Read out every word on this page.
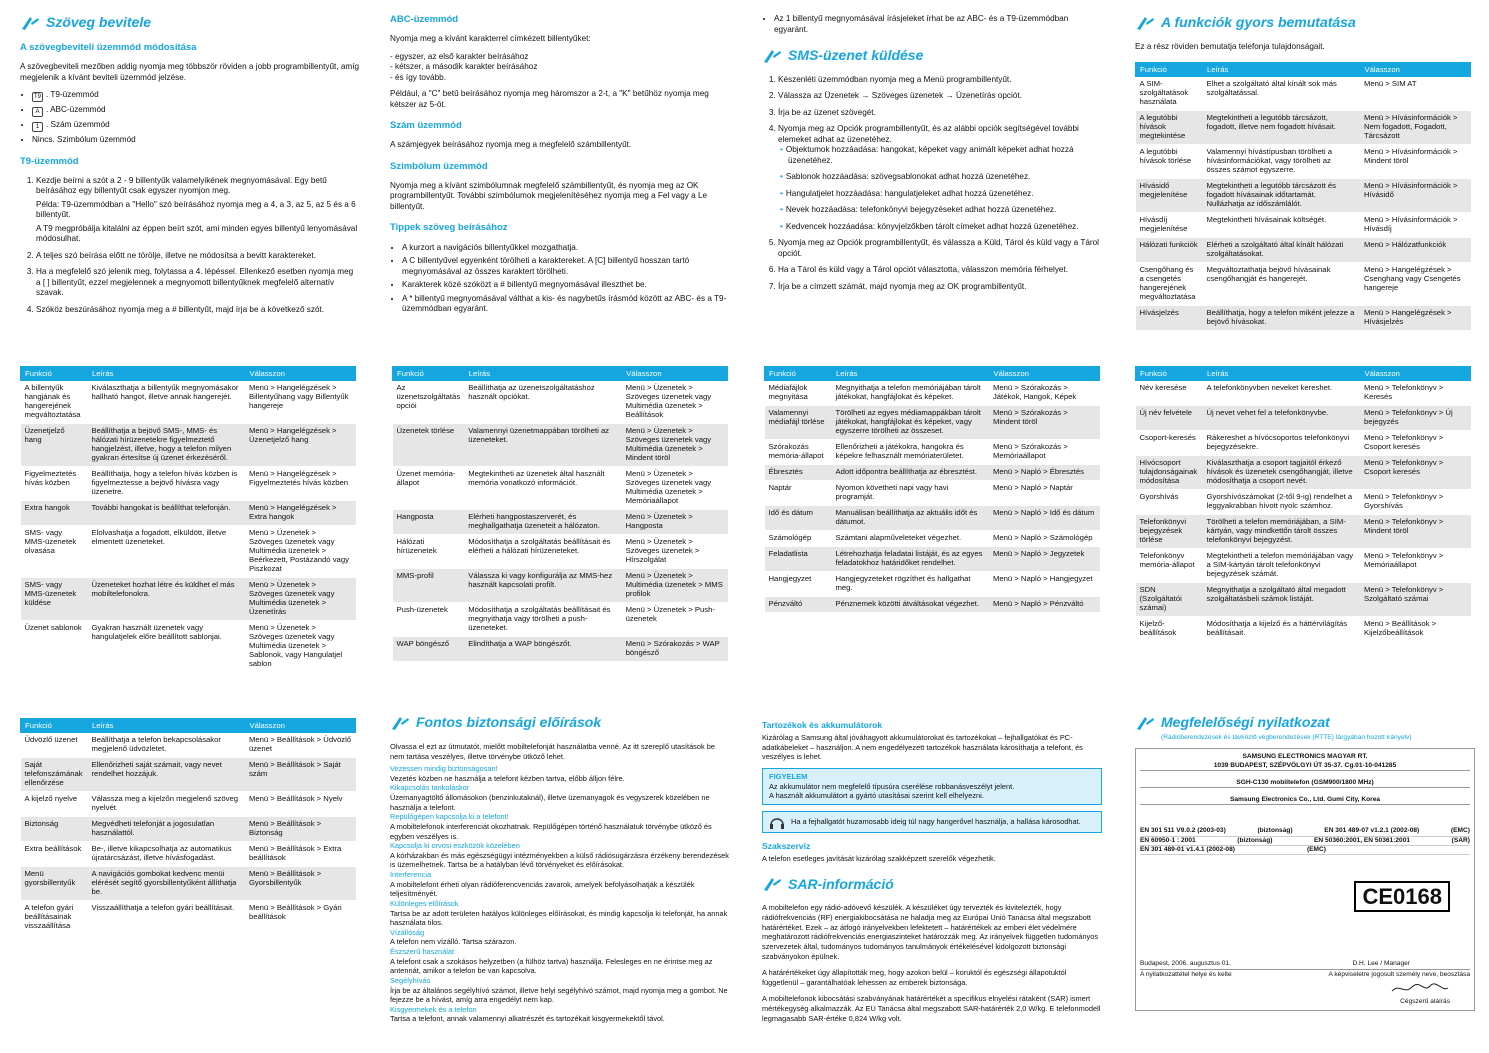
Szöveg bevitele
A szövegbeviteli üzemmód módosítása

A szövegbeviteli mezőben addig nyomja meg többször röviden a jobb programbillentyűt, amíg megjelenik a kívánt beviteli üzemmód jelzése.

• T9 . T9-üzemmód
• A . ABC-üzemmód
• 1 . Szám üzemmód
• Nincs. Szimbólum üzemmód
T9-üzemmód
1. Kezdje beírni a szót a 2 - 9 billentyűk valamelyikének megnyomásával. Egy betű beírásához egy billentyűt csak egyszer nyomjon meg.

Példa: T9-üzemmódban a "Hello" szó beírásához nyomja meg a 4, a 3, az 5, az 5 és a 6 billentyűt.

A T9 megpróbálja kitalálni az éppen beírt szót, ami minden egyes billentyű lenyomásával módosulhat.

2. A teljes szó beírása előtt ne törölje, illetve ne módosítsa a bevitt karaktereket.
3. Ha a megfelelő szó jelenik meg, folytassa a 4. lépéssel. Ellenkező esetben nyomja meg a [ ] billentyűt, ezzel megjelennek a megnyomott billentyűknek megfelelő alternatív szavak.
4. Szóköz beszúrásához nyomja meg a # billentyűt, majd írja be a következő szót.
Funkció	Leírás	Válasszon
A billentyűk hangjának és hangerejének megváltoztatása	Kiválaszthatja a billentyűk megnyomásakor hallható hangot, illetve annak hangerejét.	Menü > Hangelégzések > Billentyűhang vagy Billentyűk hangereje
Üzenetjelző hang	Beállíthatja a bejövő SMS-, MMS- és hálózati hírüzenetekre figyelmeztető hangjelzést, illetve, hogy a telefon milyen gyakran értesítse új üzenet érkezéséről.	Menü > Hangelégzések > Üzenetjelző hang
Figyelmeztetés hívás közben	Beállíthatja, hogy a telefon hívás közben is figyelmeztesse a bejövő hívásra vagy üzenetre.	Menü > Hangelégzések > Figyelmeztetés hívás közben
Extra hangok	További hangokat is beállíthat telefonján.	Menü > Hangelégzések > Extra hangok
SMS- vagy MMS-üzenetek olvasása	Elolvashatja a fogadott, elküldött, illetve elmentett üzeneteket.	Menü > Üzenetek > Szöveges üzenetek vagy Multimédia üzenetek > Beérkezett, Postázandó vagy Piszkozat
SMS- vagy MMS-üzenetek küldése	Üzeneteket hozhat létre és küldhet el más mobiltelefonokra.	Menü > Üzenetek > Szöveges üzenetek vagy Multimédia üzenetek > Üzenetírás
Üzenet sablonok	Gyakran használt üzenetek vagy hangulatjelek előre beállított sablonjai.	Menü > Üzenetek > Szöveges üzenetek vagy Multimédia üzenetek > Sablonok, vagy Hangulatjel sablon
Funkció	Leírás	Válasszon
Üdvözlő üzenet	Beállíthatja a telefon bekapcsolásakor megjelenő üdvözletet.	Menü > Beállítások > Üdvözlő üzenet
Saját telefonszámának ellenőrzése	Ellenőrizheti saját számait, vagy nevet rendelhet hozzájuk.	Menü > Beállítások > Saját szám
A kijelző nyelve	Válassza meg a kijelzőn megjelenő szöveg nyelvét.	Menü > Beállítások > Nyelv
Biztonság	Megvédheti telefonját a jogosulatlan használattól.	Menü > Beállítások > Biztonság
Extra beállítások	Be-, illetve kikapcsolhatja az automatikus újratárcsázást, illetve hívásfogadást.	Menü > Beállítások > Extra beállítások
Menü gyorsbillentyűk	A navigációs gombokat kedvenc menüi elérését segítő gyorsbillentyűként állíthatja be.	Menü > Beállítások > Gyorsbillentyűk
A telefon gyári beállításainak visszaállítása	Visszaállíthatja a telefon gyári beállításait.	Menü > Beállítások > Gyári beállítások
ABC-üzemmód

Nyomja meg a kívánt karakterrel címkézett billentyűket:

- egyszer, az első karakter beírásához
- kétszer, a második karakter beírásához
- és így tovább.

Például, a "C" betű beírásához nyomja meg háromszor a 2-t, a "K" betűhöz nyomja meg kétszer az 5-öt.

Szám üzemmód

A számjegyek beírásához nyomja meg a megfelelő számbillentyűt.

Szimbólum üzemmód

Nyomja meg a kívánt szimbólumnak megfelelő számbillentyűt, és nyomja meg az OK programbillentyűt. További szimbólumok megjelenítéséhez nyomja meg a Fel vagy a Le billentyűt.

Tippek szöveg beírásához
• A kurzort a navigációs billentyűkkel mozgathatja.
• A C billentyűvel egyenként törölheti a karaktereket. A [C] billentyű hosszan tartó megnyomásával az összes karaktert törölheti.
• Karakterek közé szóközt a # billentyű megnyomásával illeszthet be.
• A * billentyű megnyomásával válthat a kis- és nagybetűs írásmód között az ABC- és a T9-üzemmódban egyaránt.
Funkció	Leírás	Válasszon
Az üzenetszolgáltatás opciói	Beállíthatja az üzenetszolgáltatáshoz használt opciókat.	Menü > Üzenetek > Szöveges üzenetek vagy Multimédia üzenetek > Beállítások
Üzenetek törlése	Valamennyi üzenetmappában törölheti az üzeneteket.	Menü > Üzenetek > Szöveges üzenetek vagy Multimédia üzenetek > Mindent töröl
Üzenet memória-állapot	Megtekintheti az üzenetek által használt memória vonatkozó információt.	Menü > Üzenetek > Szöveges üzenetek vagy Multimédia üzenetek > Memóriaállapot
Hangposta	Elérheti hangpostaszerverét, és meghallgathatja üzeneteit a hálózaton.	Menü > Üzenetek > Hangposta
Hálózati hírüzenetek	Módosíthatja a szolgáltatás beállításait és elérheti a hálózati hírüzeneteket.	Menü > Üzenetek > Szöveges üzenetek > Hírszolgálat
MMS-profil	Válassza ki vagy konfigurálja az MMS-hez használt kapcsolati profilt.	Menü > Üzenetek > Multimédia üzenetek > MMS profilok
Push-üzenetek	Módosíthatja a szolgáltatás beállításait és megnyithatja vagy törölheti a push-üzeneteket.	Menü > Üzenetek > Push-üzenetek
WAP böngésző	Elindíthatja a WAP böngészőt.	Menü > Szórakozás > WAP böngésző
Fontos biztonsági előírások
Olvassa el ezt az útmutatót, mielőtt mobiltelefonját használatba venné. Az itt szereplő utasítások be nem tartása veszélyes, illetve törvénybe ütköző lehet.
Vezessen mindig biztonságosan!
Vezetés közben ne használja a telefont kézben tartva, előbb álljon félre.
Kikapcsolás tankoláskor
Üzemanyagtöltő állomásokon (benzinkutaknál), illetve üzemanyagok és vegyszerek közelében ne használja a telefont.
Repülőgépen kapcsolja ki a telefont!
A mobiltelefonok interferenciát okozhatnak. Repülőgépen történő használatuk törvénybe ütköző és egyben veszélyes is.
Kapcsolja ki orvosi eszközök közelében
A kórházakban és más egészségügyi intézményekben a külső rádiósugárzásra érzékeny berendezések is üzemelhetnek. Tartsa be a hatályban lévő törvényeket és előírásokat.
Interferencia
A mobiltelefont érheti olyan rádióferencvenciás zavarok, amelyek befolyásolhatják a készülék teljesítményét.
Különleges előírások
Tartsa be az adott területen hatályos különleges előírásokat, és mindig kapcsolja ki telefonját, ha annak használata tilos.
Vízállóság
A telefon nem vízálló. Tartsa szárazon.
Észszerű használat
A telefont csak a szokásos helyzetben (a fülhöz tartva) használja. Felesleges en ne érintse meg az antennát, amikor a telefon be van kapcsolva.
Segélyhívás
Írja be az általános segélyhívó számot, illetve helyi segélyhívó számot, majd nyomja meg a gombot. Ne fejezze be a hívást, amíg arra engedélyt nem kap.
Kisgyermekek és a telefon
Tartsa a telefont, annak valamennyi alkatrészét és tartozékait kisgyermekektől távol.
• Az 1 billentyű megnyomásával írásjeleket írhat be az ABC- és a T9-üzemmódban egyaránt.
SMS-üzenet küldése
1. Készenléti üzemmódban nyomja meg a Menü programbillentyűt.
2. Válassza az Üzenetek → Szöveges üzenetek → Üzenetírás opciót.
3. Írja be az üzenet szövegét.
4. Nyomja meg az Opciók programbillentyűt, és az alábbi opciók segítségével további elemeket adhat az üzenetéhez.
• Objektumok hozzáadása: hangokat, képeket vagy animált képeket adhat hozzá üzenetéhez.
• Sablonok hozzáadása: szövegsablonokat adhat hozzá üzenetéhez.
• Hangulatjelet hozzáadása: hangulatjeleket adhat hozzá üzenetéhez.
• Nevek hozzáadása: telefonkönyvi bejegyzéseket adhat hozzá üzenetéhez.
• Kedvencek hozzáadása: könyvjelzőkben tárolt címeket adhat hozzá üzenetéhez.
5. Nyomja meg az Opciók programbillentyűt, és válassza a Küld, Tárol és küld vagy a Tárol opciót.
6. Ha a Tárol és küld vagy a Tárol opciót választotta, válasszon memória férhelyet.
7. Írja be a címzett számát, majd nyomja meg az OK programbillentyűt.
Funkció	Leírás	Válasszon
Médiafájlok megnyitása	Megnyithatja a telefon memóriájában tárolt játékokat, hangfájlokat és képeket.	Menü > Szórakozás > Játékok, Hangok, Képek
Valamennyi médiafájl törlése	Törölheti az egyes médiamappákban tárolt játékokat, hangfájlokat és képeket, vagy egyszerre törölheti az összeset.	Menü > Szórakozás > Mindent töröl
Szórakozás memória-állapot	Ellenőrizheti a játékokra, hangokra és képekre felhasznált memóriaterületet.	Menü > Szórakozás > Memóriaállapot
Ébresztés	Adott időpontra beállíthatja az ébresztést.	Menü > Napló > Ébresztés
Naptár	Nyomon követheti napi vagy havi programját.	Menü > Napló > Naptár
Idő és dátum	Manuálisan beállíthatja az aktuális időt és dátumot.	Menü > Napló > Idő és dátum
Számológép	Számtani alapműveleteket végezhet.	Menü > Napló > Számológép
Feladatlista	Létrehozhatja feladatai listáját, és az egyes feladatokhoz határidőket rendelhet.	Menü > Napló > Jegyzetek
Hangjegyzet	Hangjegyzeteket rögzíthet és hallgathat meg.	Menü > Napló > Hangjegyzet
Pénzváltó	Pénznemek közötti átváltásokat végezhet.	Menü > Napló > Pénzváltó
Tartozékok és akkumulátorok
Kizárólag a Samsung által jóváhagyott akkumulátorokat és tartozékokat – fejhallgatókat és PC-adatkábeleket – használjon. A nem engedélyezett tartozékok használata károsíthatja a telefont, és veszélyes is lehet.
FIGYELEM
Az akkumulátor nem megfelelő típusúra cserélése robbanásveszélyt jelent.
A használt akkumulátort a gyártó utasításai szerint kell elhelyezni.
Ha a fejhallgatót huzamosabb ideig túl nagy hangerővel használja, a hallása károsodhat.
Szakszerviz
A telefon esetleges javítását kizárólag szakképzett szerelők végezhetik.
SAR-információ

A mobiltelefon egy rádió-adóvevő készülék. A készüléket úgy tervezték és kivitelezték, hogy rádiófrekvenciás (RF) energiakibocsátása ne haladja meg az Európai Unió Tanácsa által megszabott határértéket. Ezek – az átfogó irányelvekben lefektetett – határértékek az emberi élet védelmére meghatározott rádiófrekvenciás energiaszinteket határozzák meg. Az irányelvek független tudományos szervezetek által, tudományos tudományos tanulmányok értékelésével kidolgozott biztonsági szabványokon épülnek.

A határértékeket úgy állapították meg, hogy azokon belül – koruktól és egészségi állapotuktól függetlenül – garantálhatóak lehessen az emberek biztonsága.

A mobiltelefonok kibocsátási szabványának határértékét a specifikus elnyelési rátaként (SAR) ismert mértékegység alkalmazzák. Az EU Tanácsa által megszabott SAR-határérték 2,0 W/kg. E telefonmodell legmagasabb SAR-értéke 0,824 W/kg volt.

A funkciók gyors bemutatása

Ez a rész röviden bemutatja telefonja tulajdonságait.

Funkció	Leírás	Válasszon
A SIM-szolgáltatások használata	Elhet a szolgáltató által kínált sok más szolgáltatással.	Menü > SIM AT
A legutóbbi hívások megtekintése	Megtekintheti a legutóbb tárcsázott, fogadott, illetve nem fogadott hívásait.	Menü > Hívásinformációk > Nem fogadott, Fogadott, Tárcsázott
A legutóbbi hívások törlése	Valamennyi hívástípusban törölheti a hívásinformációkat, vagy törölheti az összes számot egyszerre.	Menü > Hívásinformációk > Mindent töröl
Hívásidő megjelenítése	Megtekintheti a legutóbb tárcsázott és fogadott hívásainak időtartamát. Nullázhatja az időszámlálót.	Menü > Hívásinformációk > Hívásidő
Hívásdíj megjelenítése	Megtekintheti hívásainak költségét.	Menü > Hívásinformációk > Hívásdíj
Hálózati funkciók	Elérheti a szolgáltató által kínált hálózati szolgáltatásokat.	Menü > Hálózatfunkciók
Csengőhang és a csengetés hangerejének megváltoztatása	Megváltoztathatja bejövő hívásainak csengőhangját és hangerejét.	Menü > Hangelégzések > Csenghang vagy Csengetés hangereje
Hívásjelzés	Beállíthatja, hogy a telefon miként jelezze a bejövő hívásokat.	Menü > Hangelégzések > Hívásjelzés
Funkció	Leírás	Válasszon
Név keresése	A telefonkönyvben neveket kereshet.	Menü > Telefonkönyv > Keresés
Új név felvétele	Új nevet vehet fel a telefonkönyvbe.	Menü > Telefonkönyv > Új bejegyzés
Csoport-keresés	Rákereshet a hívócsoportos telefonkönyvi bejegyzésekre.	Menü > Telefonkönyv > Csoport keresés
Hívócsoport tulajdonságainak módosítása	Kiválaszthatja a csoport tagjaitól érkező hívások és üzenetek csengőhangját, illetve módosíthatja a csoport nevét.	Menü > Telefonkönyv > Csoport keresés
Gyorshívás	Gyorshívószámokat (2-től 9-ig) rendelhet a leggyakrabban hívott nyolc számhoz.	Menü > Telefonkönyv > Gyorshívás
Telefonkönyvi bejegyzések törlése	Törölheti a telefon memóriájában, a SIM-kártyán, vagy mindkettőn tárolt összes telefonkönyvi bejegyzést.	Menü > Telefonkönyv > Mindent töröl
Telefonkönyv memória-állapot	Megtekintheti a telefon memóriájában vagy a SIM-kártyán tárolt telefonkönyvi bejegyzések számát.	Menü > Telefonkönyv > Memóriaállapot
SDN (Szolgáltatói számai)	Megnyithatja a szolgáltató által megadott szolgáltatásbeli számok listáját.	Menü > Telefonkönyv > Szolgáltató számai
Kijelző-beállítások	Módosíthatja a kijelző és a háttérvilágítás beállításait.	Menü > Beállítások > Kijelzőbeállítások
Megfelelőségi nyilatkozat
(Rádióberendezések és távközlő végberendezések (RTTE) tárgyában hozott irányelv)
SAMSUNG ELECTRONICS MAGYAR RT.
1039 BUDAPEST, SZÉPVÖLGYI ÚT 35-37. Cg.01-10-041285
SGH-C130 mobiltelefon (GSM900/1800 MHz)
Samsung Electronics Co., Ltd. Gumi City, Korea
EN 301 511 V9.0.2 (2003-03)	(biztonság)	EN 301 489-07 v1.2.1 (2002-08)	(EMC)
EN 60950-1 : 2001	(biztonság)	EN 50360:2001, EN 50361:2001	(SAR)
EN 301 489-01 v1.4.1 (2002-08)	(EMC)
CE0168
Budapest, 2006. augusztus 01.	D.H. Lee / Manager
A nyilatkozattétel helye és kelte	A képviseletre jogosult személy neve, beosztása
Cégszerű aláírás
